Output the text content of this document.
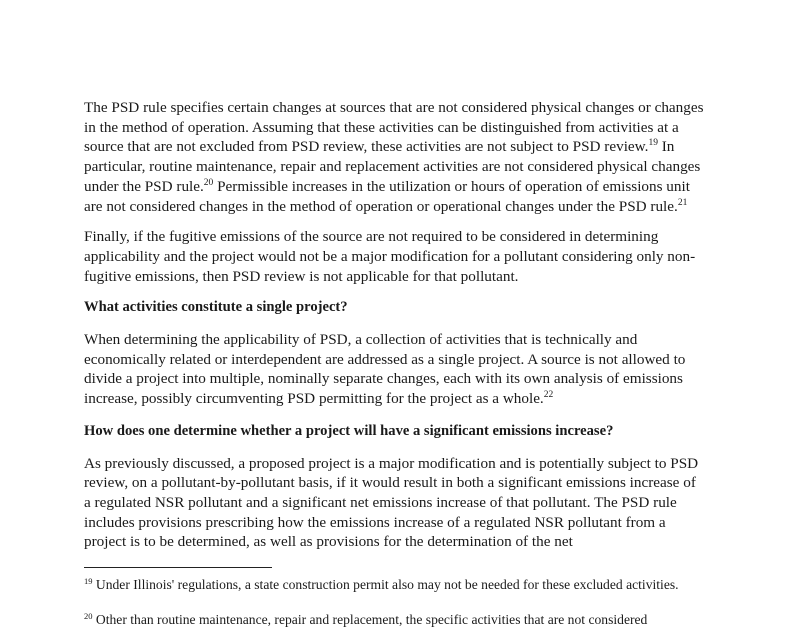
The PSD rule specifies certain changes at sources that are not considered physical changes or changes in the method of operation. Assuming that these activities can be distinguished from activities at a source that are not excluded from PSD review, these activities are not subject to PSD review.$^{19}$ In particular, routine maintenance, repair and replacement activities are not considered physical changes under the PSD rule.$^{20}$ Permissible increases in the utilization or hours of operation of emissions unit are not considered changes in the method of operation or operational changes under the PSD rule.$^{21}$

Finally, if the fugitive emissions of the source are not required to be considered in determining applicability and the project would not be a major modification for a pollutant considering only non-fugitive emissions, then PSD review is not applicable for that pollutant.

What activities constitute a single project?

When determining the applicability of PSD, a collection of activities that is technically and economically related or interdependent are addressed as a single project. A source is not allowed to divide a project into multiple, nominally separate changes, each with its own analysis of emissions increase, possibly circumventing PSD permitting for the project as a whole.$^{22}$

How does one determine whether a project will have a significant emissions increase?

As previously discussed, a proposed project is a major modification and is potentially subject to PSD review, on a pollutant-by-pollutant basis, if it would result in both a significant emissions increase of a regulated NSR pollutant and a significant net emissions increase of that pollutant. The PSD rule includes provisions prescribing how the emissions increase of a regulated NSR pollutant from a project is to be determined, as well as provisions for the determination of the net

$^{19}$ Under Illinois' regulations, a state construction permit also may not be needed for these excluded activities.
$^{20}$ Other than routine maintenance, repair and replacement, the specific activities that are not considered
